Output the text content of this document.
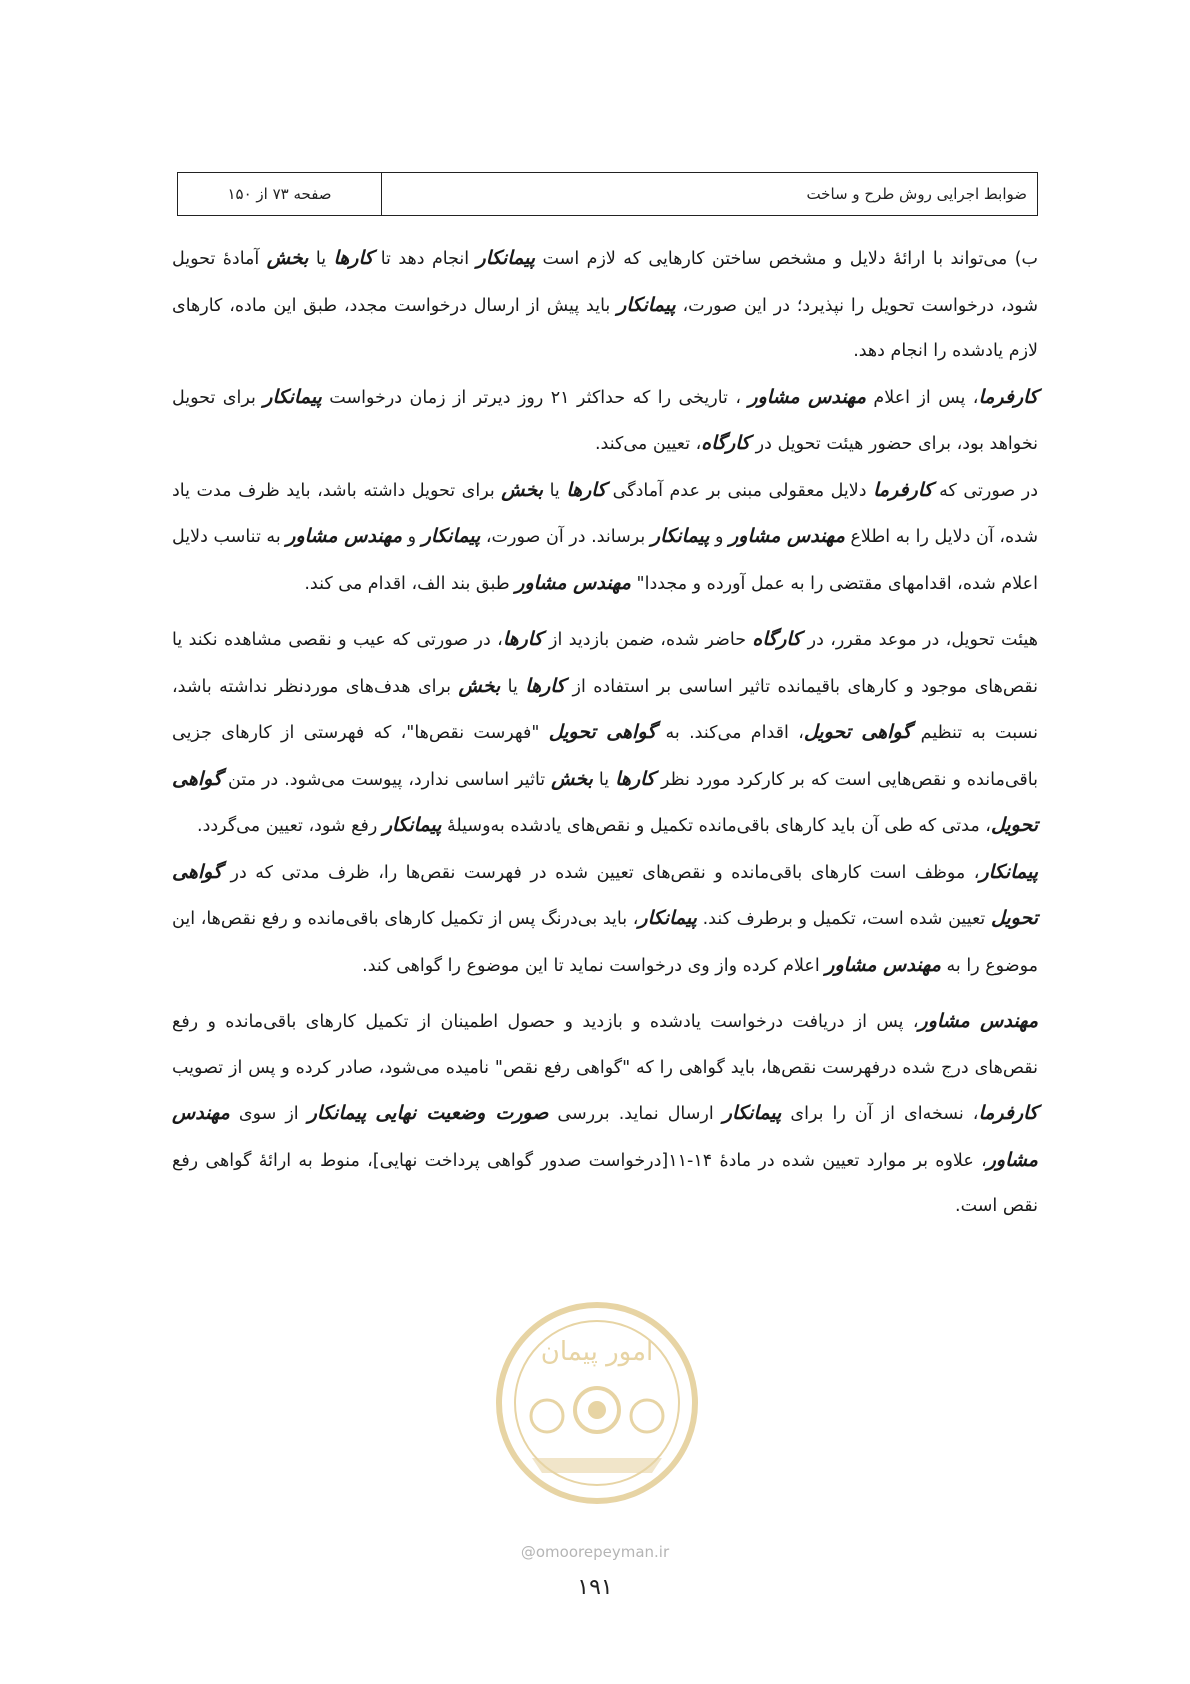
ضوابط اجرایی روش طرح و ساخت
صفحه ۷۳ از ۱۵۰

ب) می‌تواند با ارائۀ دلایل و مشخص ساختن کارهایی که لازم است پیمانکار انجام دهد تا کارها یا بخش آمادۀ تحویل شود، درخواست تحویل را نپذیرد؛ در این صورت، پیمانکار باید پیش از ارسال درخواست مجدد، طبق این ماده، کارهای لازم یادشده را انجام دهد.

کارفرما، پس از اعلام مهندس مشاور ، تاریخی را که حداکثر ۲۱ روز دیرتر از زمان درخواست پیمانکار برای تحویل نخواهد بود، برای حضور هیئت تحویل در کارگاه، تعیین می‌کند.

در صورتی که کارفرما دلایل معقولی مبنی بر عدم آمادگی کارها یا بخش برای تحویل داشته باشد، باید ظرف مدت یاد شده، آن دلایل را به اطلاع مهندس مشاور و پیمانکار برساند. در آن صورت، پیمانکار و مهندس مشاور به تناسب دلایل اعلام شده، اقدامهای مقتضی را به عمل آورده و مجددا" مهندس مشاور طبق بند الف، اقدام می کند.

هیئت تحویل، در موعد مقرر، در کارگاه حاضر شده، ضمن بازدید از کارها، در صورتی که عیب و نقصی مشاهده نکند یا نقص‌های موجود و کارهای باقیمانده تاثیر اساسی بر استفاده از کارها یا بخش برای هدف‌های موردنظر نداشته باشد، نسبت به تنظیم گواهی تحویل، اقدام می‌کند. به گواهی تحویل "فهرست نقص‌ها"، که فهرستی از کارهای جزیی باقی‌مانده و نقص‌هایی است که بر کارکرد مورد نظر کارها یا بخش تاثیر اساسی ندارد، پیوست می‌شود. در متن گواهی تحویل، مدتی که طی آن باید کارهای باقی‌مانده تکمیل و نقص‌های یادشده به‌وسیلۀ پیمانکار رفع شود، تعیین می‌گردد.

پیمانکار، موظف است کارهای باقی‌مانده و نقص‌های تعیین شده در فهرست نقص‌ها را، ظرف مدتی که در گواهی تحویل تعیین شده است، تکمیل و برطرف کند. پیمانکار، باید بی‌درنگ پس از تکمیل کارهای باقی‌مانده و رفع نقص‌ها، این موضوع را به مهندس مشاور اعلام کرده واز وی درخواست نماید تا این موضوع را گواهی کند.

مهندس مشاور، پس از دریافت درخواست یادشده و بازدید و حصول اطمینان از تکمیل کارهای باقی‌مانده و رفع نقص‌های درج شده درفهرست نقص‌ها، باید گواهی را که "گواهی رفع نقص" نامیده می‌شود، صادر کرده و پس از تصویب کارفرما، نسخه‌ای از آن را برای پیمانکار ارسال نماید. بررسی صورت وضعیت نهایی پیمانکار از سوی مهندس مشاور، علاوه بر موارد تعیین شده در مادۀ ۱۴-۱۱[درخواست صدور گواهی پرداخت نهایی]، منوط به ارائۀ گواهی رفع نقص است.

امور پیمان
@omoorepeyman.ir
۱۹۱
